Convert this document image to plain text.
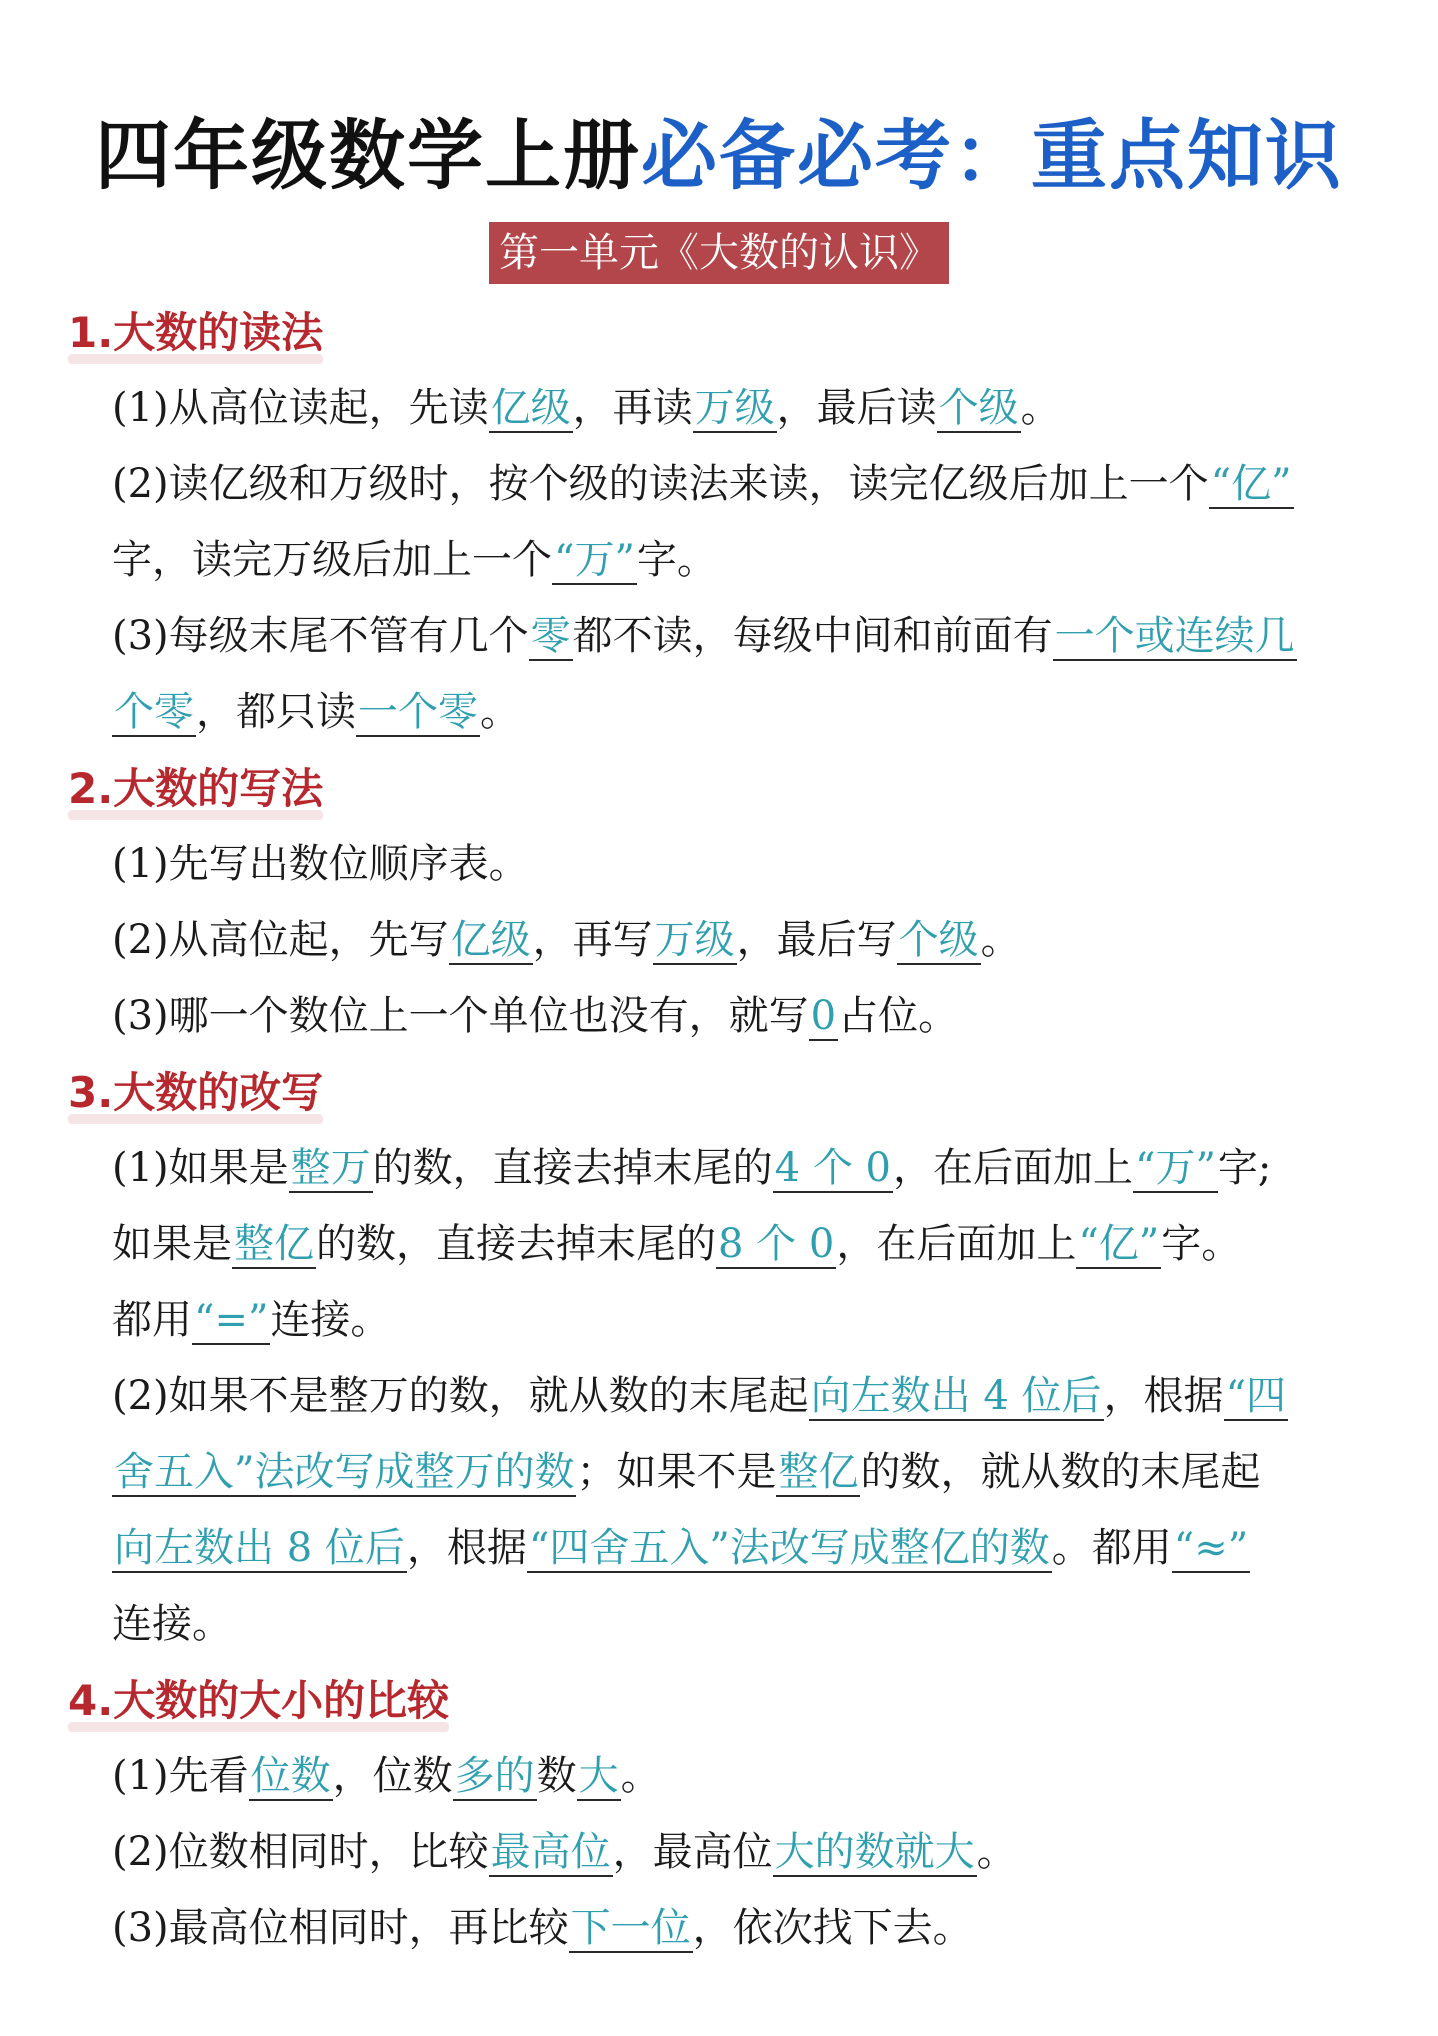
四年级数学上册必备必考：重点知识
第一单元《大数的认识》
1.大数的读法
(1)从高位读起，先读亿级，再读万级，最后读个级。
(2)读亿级和万级时，按个级的读法来读，读完亿级后加上一个“亿”
字，读完万级后加上一个“万”字。
(3)每级末尾不管有几个零都不读，每级中间和前面有一个或连续几
个零，都只读一个零。
2.大数的写法
(1)先写出数位顺序表。
(2)从高位起，先写亿级，再写万级，最后写个级。
(3)哪一个数位上一个单位也没有，就写0占位。
3.大数的改写
(1)如果是整万的数，直接去掉末尾的4 个 0，在后面加上“万”字;
如果是整亿的数，直接去掉末尾的8 个 0，在后面加上“亿”字。
都用“=”连接。
(2)如果不是整万的数，就从数的末尾起向左数出 4 位后，根据“四
舍五入”法改写成整万的数；如果不是整亿的数，就从数的末尾起
向左数出 8 位后，根据“四舍五入”法改写成整亿的数。都用“≈”
连接。
4.大数的大小的比较
(1)先看位数，位数多的数大。
(2)位数相同时，比较最高位，最高位大的数就大。
(3)最高位相同时，再比较下一位，依次找下去。
